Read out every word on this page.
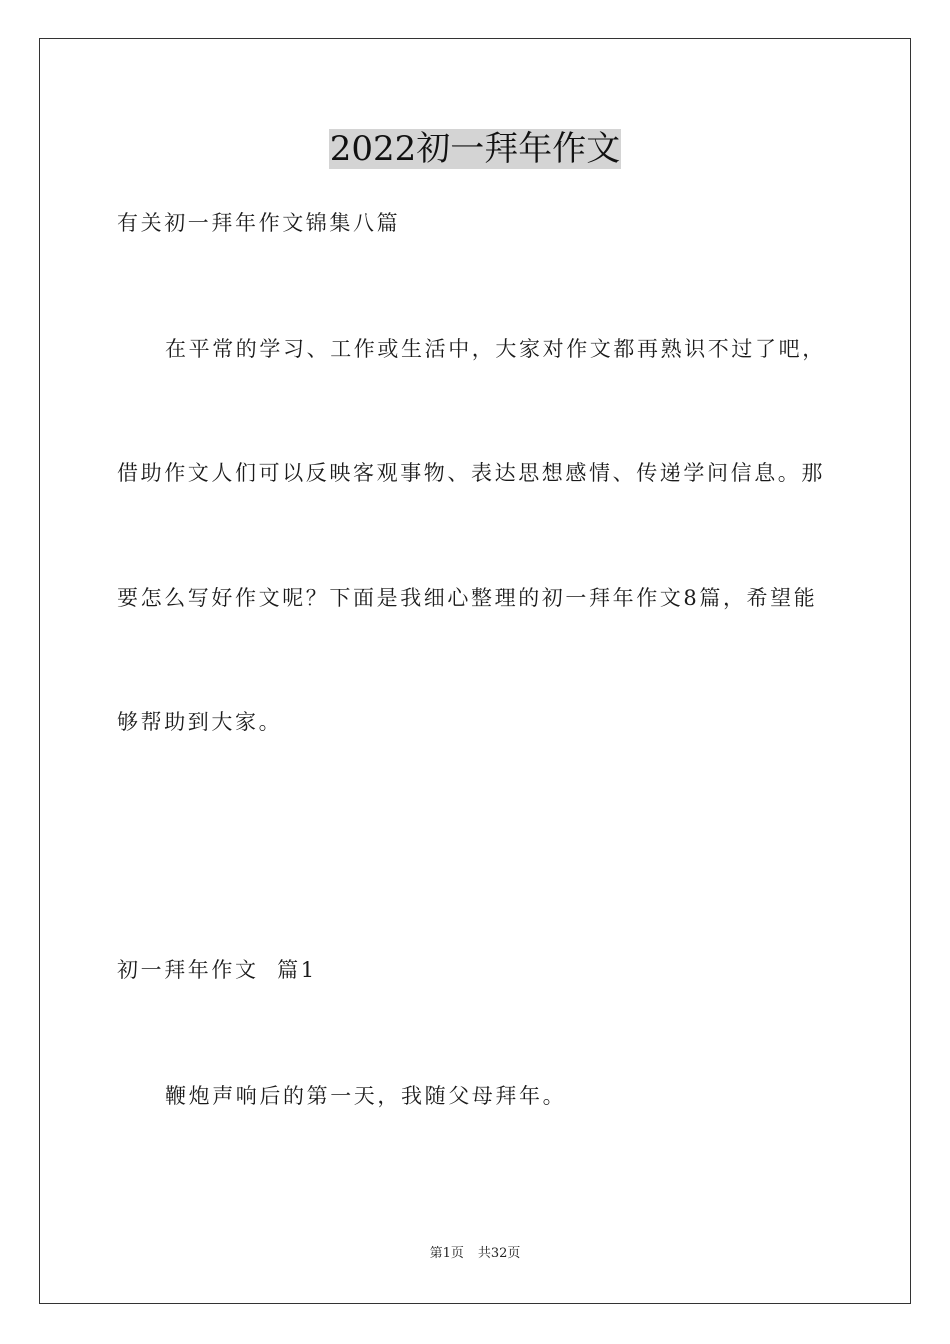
2022初一拜年作文
有关初一拜年作文锦集八篇
在平常的学习、工作或生活中，大家对作文都再熟识不过了吧，
借助作文人们可以反映客观事物、表达思想感情、传递学问信息。那
要怎么写好作文呢？下面是我细心整理的初一拜年作文8篇，希望能
够帮助到大家。
初一拜年作文  篇1
鞭炮声响后的第一天，我随父母拜年。
第1页 共32页
